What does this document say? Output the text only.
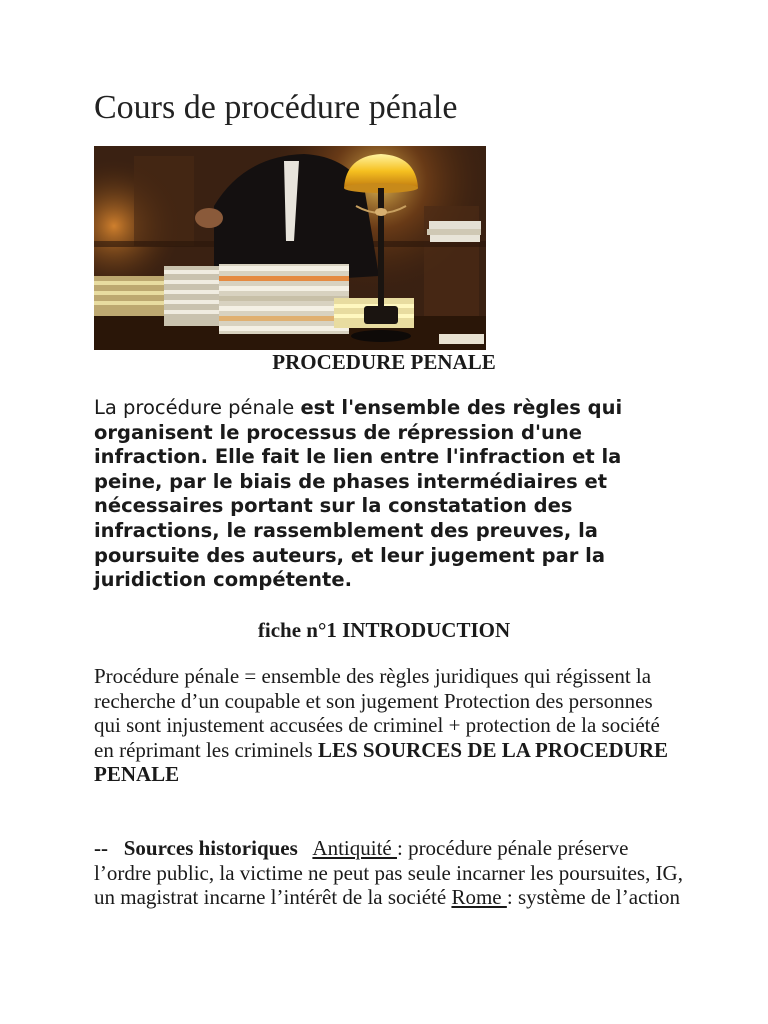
Cours de procédure pénale

PROCEDURE PENALE

La procédure pénale est l'ensemble des règles qui organisent le processus de répression d'une infraction. Elle fait le lien entre l'infraction et la peine, par le biais de phases intermédiaires et nécessaires portant sur la constatation des infractions, le rassemblement des preuves, la poursuite des auteurs, et leur jugement par la juridiction compétente.

fiche n°1 INTRODUCTION

Procédure pénale = ensemble des règles juridiques qui régissent la recherche d’un coupable et son jugement Protection des personnes qui sont injustement accusées de criminel + protection de la société en réprimant les criminels LES SOURCES DE LA PROCEDURE PENALE

--   Sources historiques Antiquité : procédure pénale préserve l’ordre public, la victime ne peut pas seule incarner les poursuites, IG, un magistrat incarne l’intérêt de la société Rome : système de l’action
